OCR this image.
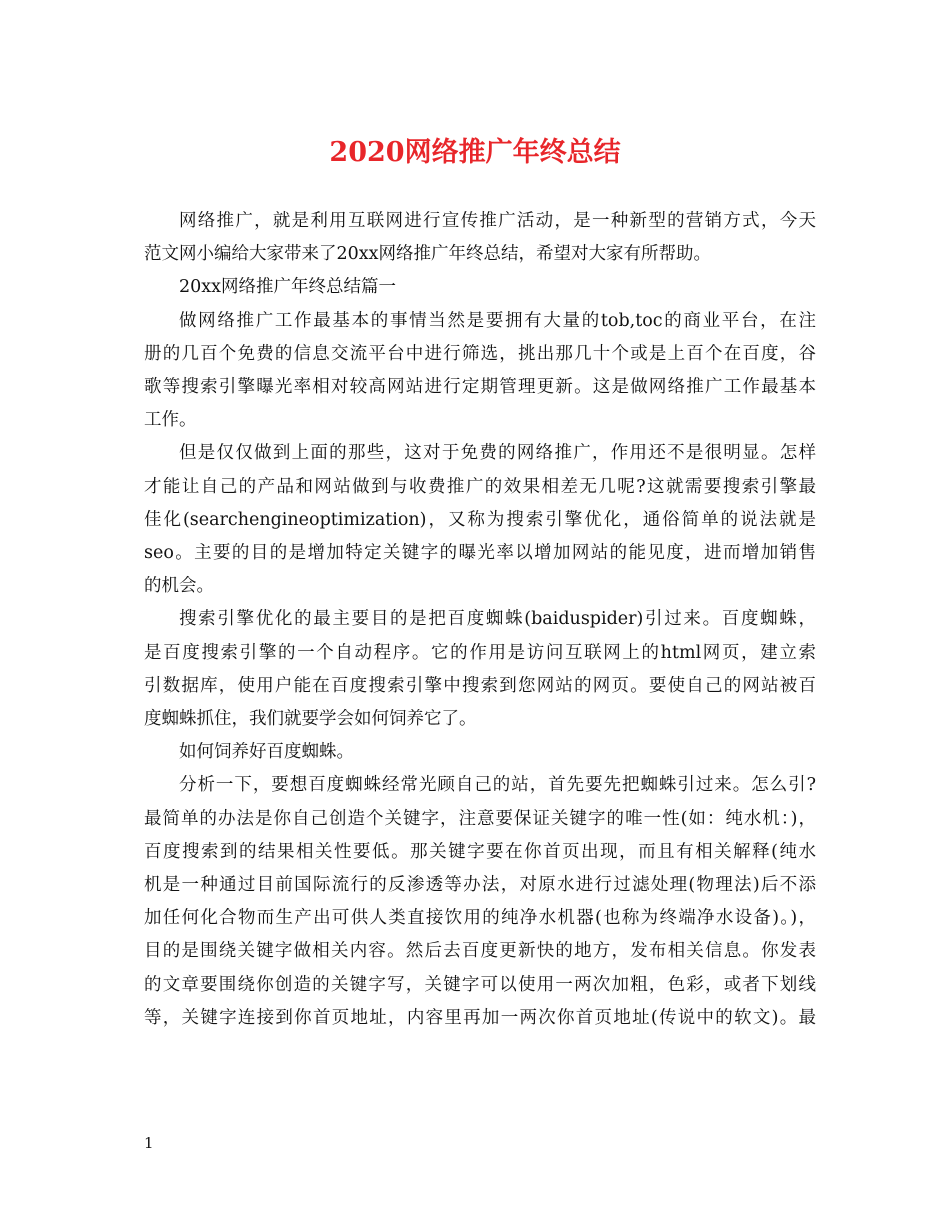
2020网络推广年终总结

网络推广，就是利用互联网进行宣传推广活动，是一种新型的营销方式，今天
范文网小编给大家带来了20xx网络推广年终总结，希望对大家有所帮助。

20xx网络推广年终总结篇一

做网络推广工作最基本的事情当然是要拥有大量的tob,toc的商业平台，在注
册的几百个免费的信息交流平台中进行筛选，挑出那几十个或是上百个在百度，谷
歌等搜索引擎曝光率相对较高网站进行定期管理更新。这是做网络推广工作最基本
工作。

但是仅仅做到上面的那些，这对于免费的网络推广，作用还不是很明显。怎样
才能让自己的产品和网站做到与收费推广的效果相差无几呢?这就需要搜索引擎最
佳化(searchengineoptimization)，又称为搜索引擎优化，通俗简单的说法就是
seo。主要的目的是增加特定关键字的曝光率以增加网站的能见度，进而增加销售
的机会。

搜索引擎优化的最主要目的是把百度蜘蛛(baiduspider)引过来。百度蜘蛛，
是百度搜索引擎的一个自动程序。它的作用是访问互联网上的html网页，建立索
引数据库，使用户能在百度搜索引擎中搜索到您网站的网页。要使自己的网站被百
度蜘蛛抓住，我们就要学会如何饲养它了。

如何饲养好百度蜘蛛。

分析一下，要想百度蜘蛛经常光顾自己的站，首先要先把蜘蛛引过来。怎么引?
最简单的办法是你自己创造个关键字，注意要保证关键字的唯一性(如：纯水机：)，
百度搜索到的结果相关性要低。那关键字要在你首页出现，而且有相关解释(纯水
机是一种通过目前国际流行的反渗透等办法，对原水进行过滤处理(物理法)后不添
加任何化合物而生产出可供人类直接饮用的纯净水机器(也称为终端净水设备)。)，
目的是围绕关键字做相关内容。然后去百度更新快的地方，发布相关信息。你发表
的文章要围绕你创造的关键字写，关键字可以使用一两次加粗，色彩，或者下划线
等，关键字连接到你首页地址，内容里再加一两次你首页地址(传说中的软文)。最

1
